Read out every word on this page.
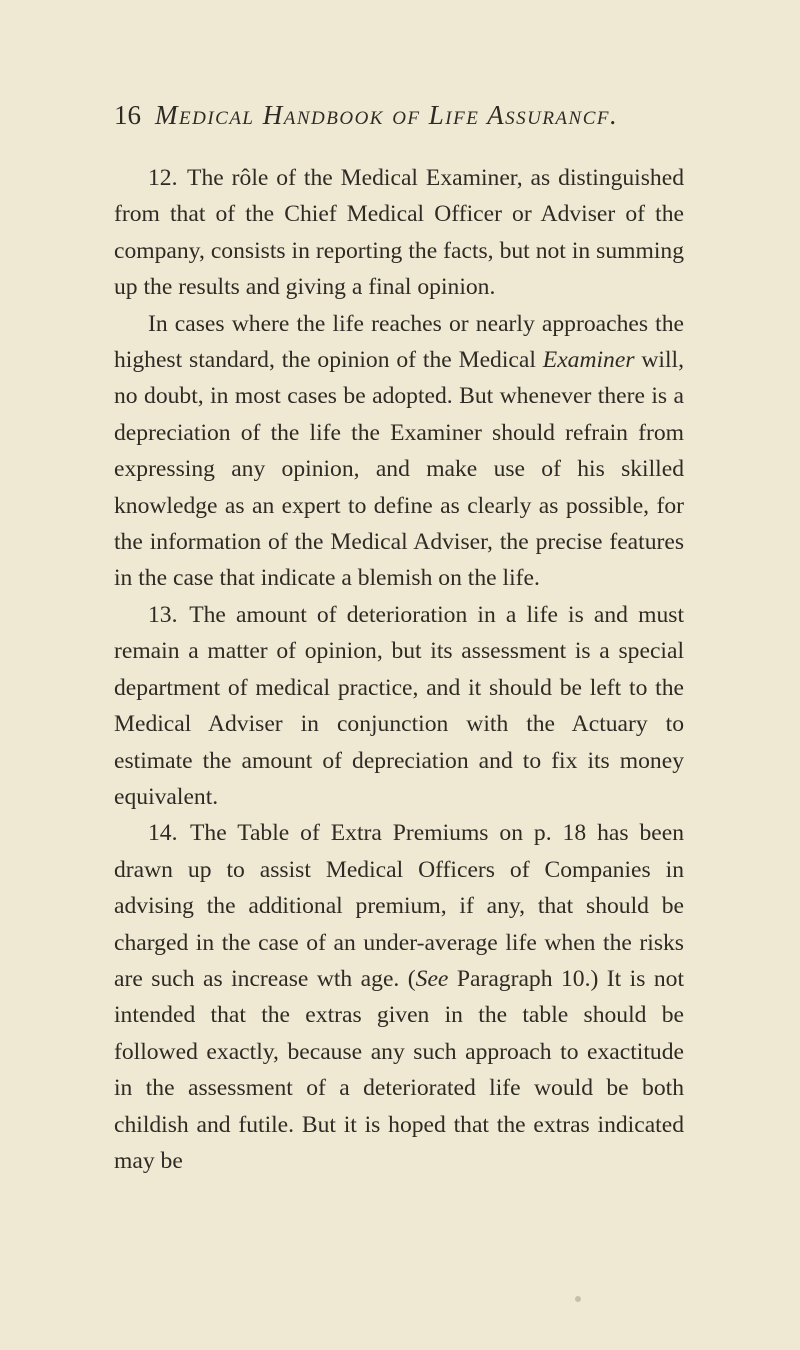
16 Medical Handbook of Life Assurancf.

12. The rôle of the Medical Examiner, as distinguished from that of the Chief Medical Officer or Adviser of the company, consists in reporting the facts, but not in summing up the results and giving a final opinion.

In cases where the life reaches or nearly approaches the highest standard, the opinion of the Medical Examiner will, no doubt, in most cases be adopted. But whenever there is a depreciation of the life the Examiner should refrain from expressing any opinion, and make use of his skilled knowledge as an expert to define as clearly as possible, for the information of the Medical Adviser, the precise features in the case that indicate a blemish on the life.

13. The amount of deterioration in a life is and must remain a matter of opinion, but its assessment is a special department of medical practice, and it should be left to the Medical Adviser in conjunction with the Actuary to estimate the amount of depreciation and to fix its money equivalent.

14. The Table of Extra Premiums on p. 18 has been drawn up to assist Medical Officers of Companies in advising the additional premium, if any, that should be charged in the case of an under-average life when the risks are such as increase wth age. (See Paragraph 10.) It is not intended that the extras given in the table should be followed exactly, because any such approach to exactitude in the assessment of a deteriorated life would be both childish and futile. But it is hoped that the extras indicated may be
